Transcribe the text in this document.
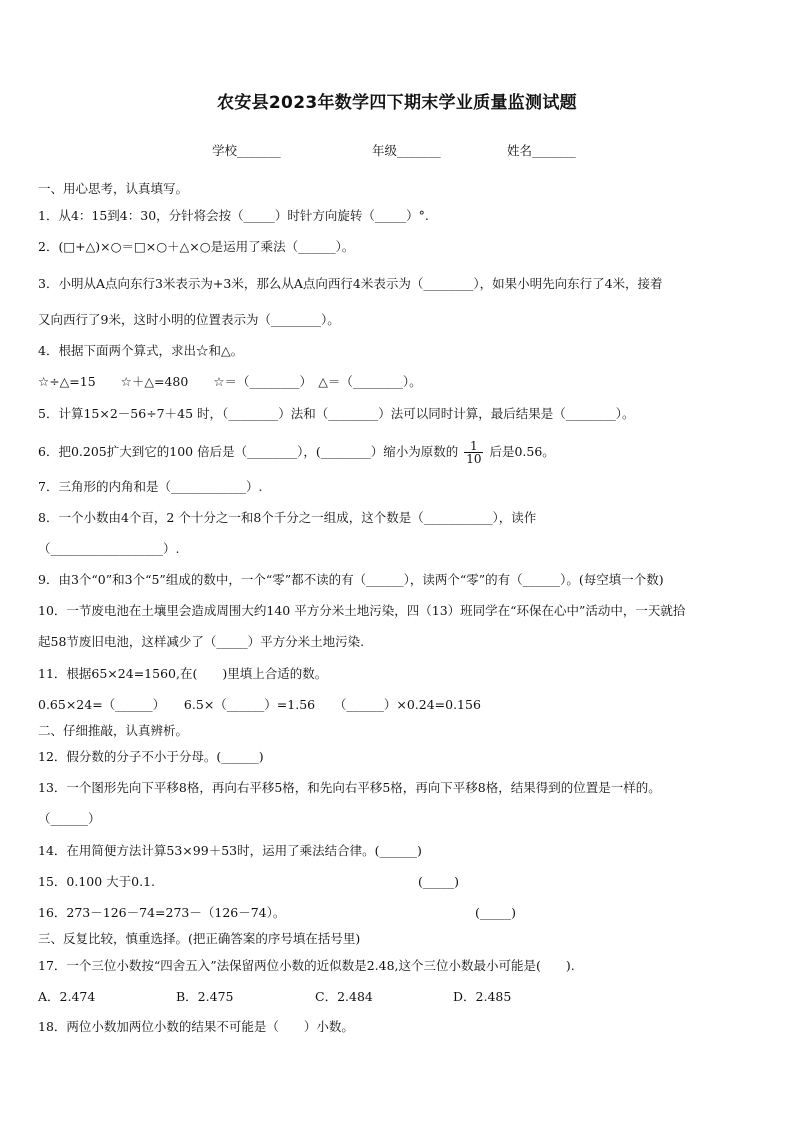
农安县2023年数学四下期末学业质量监测试题
学校_______	年级_______	姓名_______
一、用心思考，认真填写。
1．从4：15到4：30，分针将会按（_____）时针方向旋转（_____）°.
2．(□+△)×○＝□×○＋△×○是运用了乘法（______）。
3．小明从A点向东行3米表示为+3米，那么从A点向西行4米表示为（________），如果小明先向东行了4米，接着
又向西行了9米，这时小明的位置表示为（________）。
4．根据下面两个算式，求出☆和△。
☆÷△=15　　☆＋△=480　　☆＝（________）　△＝（________）。
5．计算15×2－56÷7＋45 时，（________）法和（________）法可以同时计算，最后结果是（________）。
6．把0.205扩大到它的100 倍后是（________），(________）缩小为原数的 $\frac{1}{10}$ 后是0.56。
7．三角形的内角和是（____________）.
8．一个小数由4个百，2 个十分之一和8个千分之一组成，这个数是（___________），读作
（__________________）.
9．由3个“0”和3个“5”组成的数中，一个“零”都不读的有（______），读两个“零”的有（______）。(每空填一个数)
10．一节废电池在土壤里会造成周围大约140 平方分米土地污染，四（13）班同学在“环保在心中”活动中，一天就拾
起58节废旧电池，这样减少了（_____）平方分米土地污染.
11．根据65×24=1560,在(　　)里填上合适的数。
0.65×24=（______）　　6.5×（______）=1.56　　（______）×0.24=0.156
二、仔细推敲，认真辨析。
12．假分数的分子不小于分母。(______)
13．一个图形先向下平移8格，再向右平移5格，和先向右平移5格，再向下平移8格，结果得到的位置是一样的。
（______）
14．在用简便方法计算53×99＋53时，运用了乘法结合律。(______)
15．0.100 大于0.1.	(_____)
16．273－126－74=273－（126－74）。	(_____)
三、反复比较，慎重选择。(把正确答案的序号填在括号里)
17．一个三位小数按“四舍五入”法保留两位小数的近似数是2.48,这个三位小数最小可能是(　　).
A．2.474	B．2.475	C．2.484	D．2.485
18．两位小数加两位小数的结果不可能是（　　）小数。
